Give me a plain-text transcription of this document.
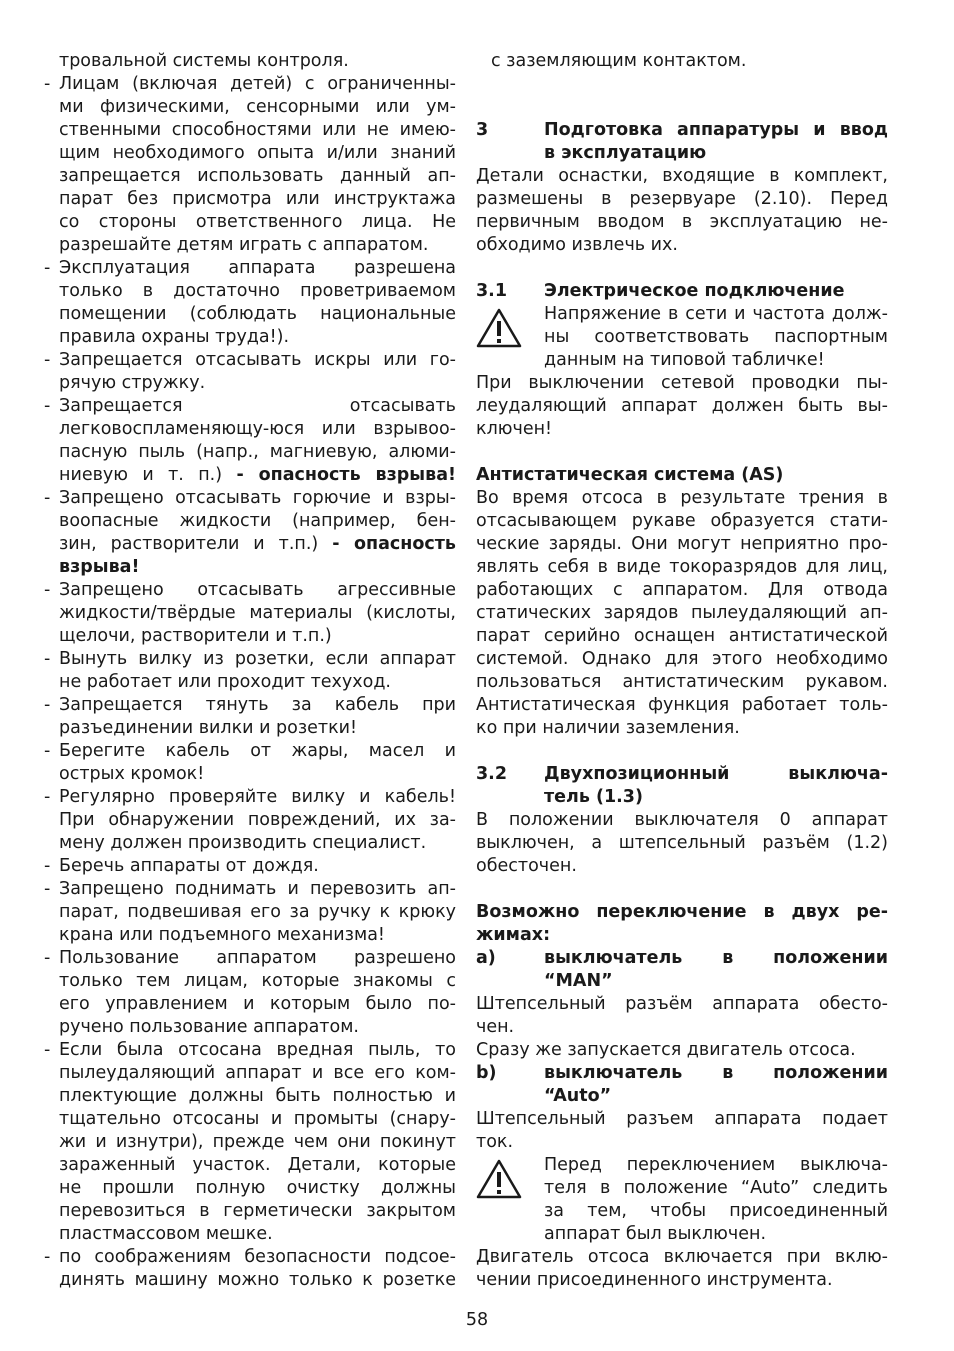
тровальной системы контроля.
- Лицам (включая детей) с ограниченны-
ми физическими, сенсорными или ум-
ственными способностями или не имею-
щим необходимого опыта и/или знаний
запрещается использовать данный ап-
парат без присмотра или инструктажа
со стороны ответственного лица. Не
разрешайте детям играть с аппаратом.
- Эксплуатация аппарата разрешена
только в достаточно проветриваемом
помещении (соблюдать национальные
правила охраны труда!).
- Запрещается отсасывать искры или го-
рячую стружку.
- Запрещается отсасывать
легковоспламеняющу-юся или взрывоо-
пасную пыль (напр., магниевую, алюми-
ниевую и т. п.) - опасность взрыва!
- Запрещено отсасывать горючие и взры-
воопасные жидкости (например, бен-
зин, растворители и т.п.) - опасность
взрыва!
- Запрещено отсасывать агрессивные
жидкости/твёрдые материалы (кислоты,
щелочи, растворители и т.п.)
- Вынуть вилку из розетки, если аппарат
не работает или проходит техуход.
- Запрещается тянуть за кабель при
разъединении вилки и розетки!
- Берегите кабель от жары, масел и
острых кромок!
- Регулярно проверяйте вилку и кабель!
При обнаружении повреждений, их за-
мену должен производить специалист.
- Беречь аппараты от дождя.
- Запрещено поднимать и перевозить ап-
парат, подвешивая его за ручку к крюку
крана или подъемного механизма!
- Пользование аппаратом разрешено
только тем лицам, которые знакомы с
его управлением и которым было по-
ручено пользование аппаратом.
- Если была отсосана вредная пыль, то
пылеудаляющий аппарат и все его ком-
плектующие должны быть полностью и
тщательно отсосаны и промыты (снару-
жи и изнутри), прежде чем они покинут
зараженный участок. Детали, которые
не прошли полную очистку должны
перевозиться в герметически закрытом
пластмассовом мешке.
- по соображениям безопасности подсое-
динять машину можно только к розетке
с заземляющим контактом.
3	Подготовка аппаратуры и ввод
в эксплуатацию
Детали оснастки, входящие в комплект,
размешены в резервуаре (2.10). Перед
первичным вводом в эксплуатацию не-
обходимо извлечь их.
3.1	Электрическое подключение
Напряжение в сети и частота долж-
ны соответствовать паспортным
данным на типовой табличке!
При выключении сетевой проводки пы-
леудаляющий аппарат должен быть вы-
ключен!
Антистатическая система (AS)
Во время отсоса в результате трения в
отсасывающем рукаве образуется стати-
ческие заряды. Они могут неприятно про-
являть себя в виде токоразрядов для лиц,
работающих с аппаратом. Для отвода
статических зарядов пылеудаляющий ап-
парат серийно оснащен антистатической
системой. Однако для этого необходимо
пользоваться антистатическим рукавом.
Антистатическая функция работает толь-
ко при наличии заземления.
3.2	Двухпозиционный выключа-
тель (1.3)
В положении выключателя 0 аппарат
выключен, а штепсельный разъём (1.2)
обесточен.
Возможно переключение в двух ре-
жимах:
a)	выключатель в положении
“MAN”
Штепсельный разъём аппарата обесто-
чен.
Сразу же запускается двигатель отсоса.
b)	выключатель в положении
“Auto”
Штепсельный разъем аппарата подает
ток.
Перед переключением выключа-
теля в положение “Auto” следить
за тем, чтобы присоединенный
аппарат был выключен.
Двигатель отсоса включается при вклю-
чении присоединенного инструмента.
58
